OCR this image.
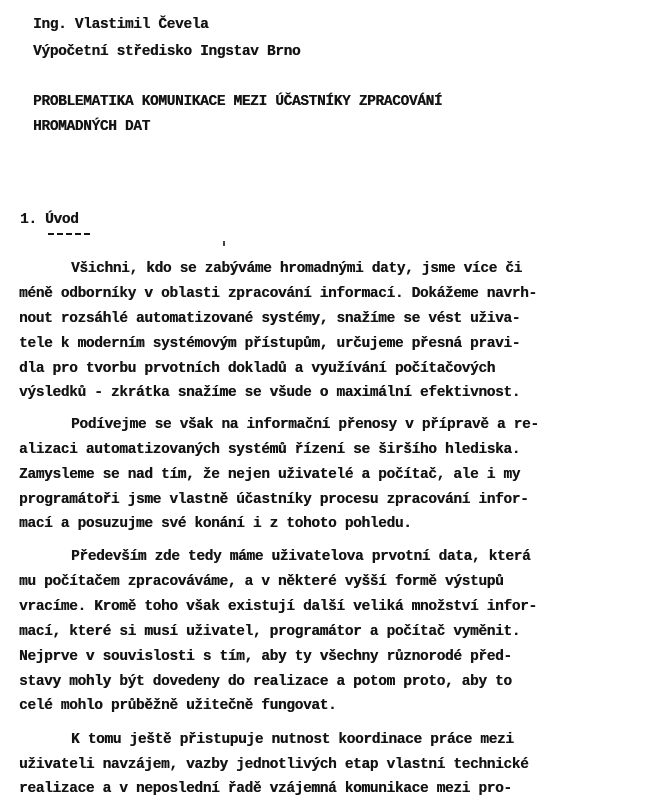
Ing. Vlastimil Čevela
Výpočetní středisko Ingstav Brno
PROBLEMATIKA KOMUNIKACE MEZI ÚČASTNÍKY ZPRACOVÁNÍ
HROMADNÝCH DAT
1. Úvod
Všichni, kdo se zabýváme hromadnými daty, jsme více či
méně odborníky v oblasti zpracování informací. Dokážeme navrh-
nout rozsáhlé automatizované systémy, snažíme se vést uživa-
tele k moderním systémovým přístupům, určujeme přesná pravi-
dla pro tvorbu prvotních dokladů a využívání počítačových
výsledků - zkrátka snažíme se všude o maximální efektivnost.
Podívejme se však na informační přenosy v přípravě a re-
alizaci automatizovaných systémů řízení se širšího hlediska.
Zamysleme se nad tím, že nejen uživatelé a počítač, ale i my
programátoři jsme vlastně účastníky procesu zpracování infor-
mací a posuzujme své konání i z tohoto pohledu.
Především zde tedy máme uživatelova prvotní data, která
mu počítačem zpracováváme, a v některé vyšší formě výstupů
vracíme. Kromě toho však existují další veliká množství infor-
mací, které si musí uživatel, programátor a počítač vyměnit.
Nejprve v souvislosti s tím, aby ty všechny různorodé před-
stavy mohly být dovedeny do realizace a potom proto, aby to
celé mohlo průběžně užitečně fungovat.
K tomu ještě přistupuje nutnost koordinace práce mezi
uživateli navzájem, vazby jednotlivých etap vlastní technické
realizace a v neposlední řadě vzájemná komunikace mezi pro-
